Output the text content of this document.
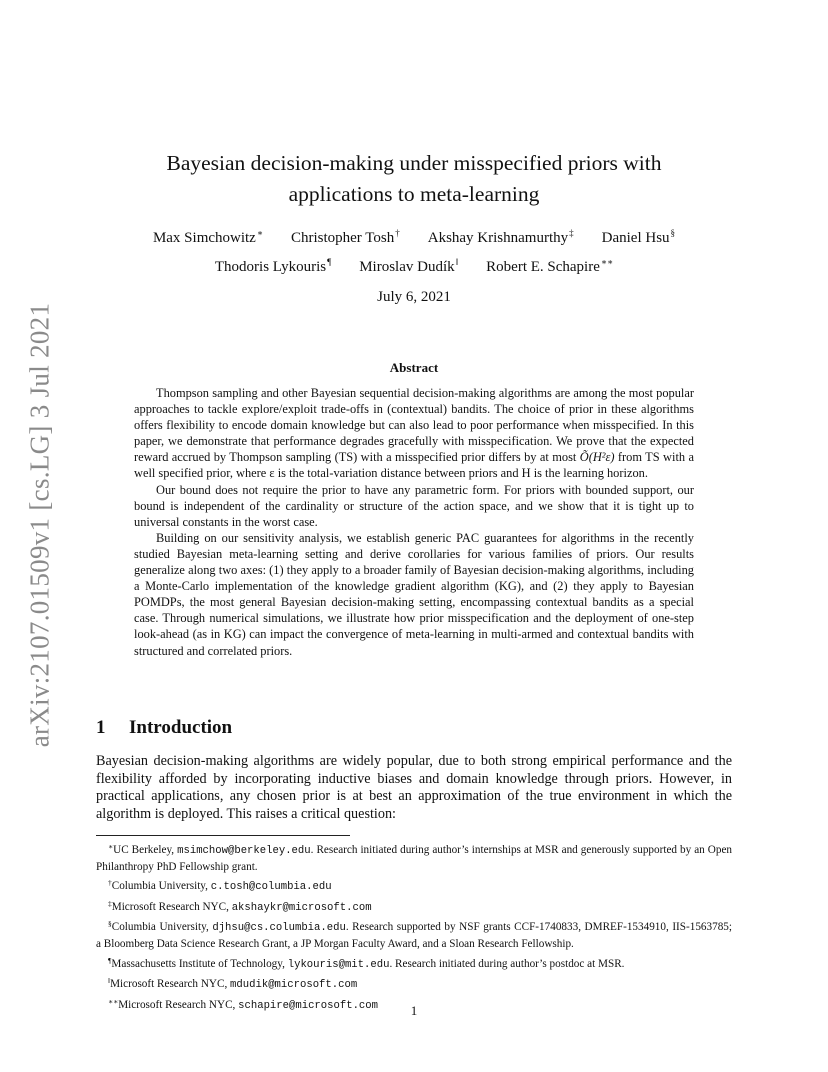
arXiv:2107.01509v1 [cs.LG] 3 Jul 2021
Bayesian decision-making under misspecified priors with
applications to meta-learning
Max Simchowitz∗ Christopher Tosh† Akshay Krishnamurthy‡ Daniel Hsu§
Thodoris Lykouris¶ Miroslav Dudík‖ Robert E. Schapire∗∗
July 6, 2021
Abstract

Thompson sampling and other Bayesian sequential decision-making algorithms are among the most popular approaches to tackle explore/exploit trade-offs in (contextual) bandits. The choice of prior in these algorithms offers flexibility to encode domain knowledge but can also lead to poor performance when misspecified. In this paper, we demonstrate that performance degrades gracefully with misspecification. We prove that the expected reward accrued by Thompson sampling (TS) with a misspecified prior differs by at most Õ(H²ε) from TS with a well specified prior, where ε is the total-variation distance between priors and H is the learning horizon.

Our bound does not require the prior to have any parametric form. For priors with bounded support, our bound is independent of the cardinality or structure of the action space, and we show that it is tight up to universal constants in the worst case.

Building on our sensitivity analysis, we establish generic PAC guarantees for algorithms in the recently studied Bayesian meta-learning setting and derive corollaries for various families of priors. Our results generalize along two axes: (1) they apply to a broader family of Bayesian decision-making algorithms, including a Monte-Carlo implementation of the knowledge gradient algorithm (KG), and (2) they apply to Bayesian POMDPs, the most general Bayesian decision-making setting, encompassing contextual bandits as a special case. Through numerical simulations, we illustrate how prior misspecification and the deployment of one-step look-ahead (as in KG) can impact the convergence of meta-learning in multi-armed and contextual bandits with structured and correlated priors.

1 Introduction

Bayesian decision-making algorithms are widely popular, due to both strong empirical performance and the flexibility afforded by incorporating inductive biases and domain knowledge through priors. However, in practical applications, any chosen prior is at best an approximation of the true environment in which the algorithm is deployed. This raises a critical question:

∗UC Berkeley, msimchow@berkeley.edu. Research initiated during author’s internships at MSR and generously supported by an Open Philanthropy PhD Fellowship grant.

†Columbia University, c.tosh@columbia.edu

‡Microsoft Research NYC, akshaykr@microsoft.com

§Columbia University, djhsu@cs.columbia.edu. Research supported by NSF grants CCF-1740833, DMREF-1534910, IIS-1563785; a Bloomberg Data Science Research Grant, a JP Morgan Faculty Award, and a Sloan Research Fellowship.

¶Massachusetts Institute of Technology, lykouris@mit.edu. Research initiated during author’s postdoc at MSR.

‖Microsoft Research NYC, mdudik@microsoft.com

∗∗Microsoft Research NYC, schapire@microsoft.com	1
